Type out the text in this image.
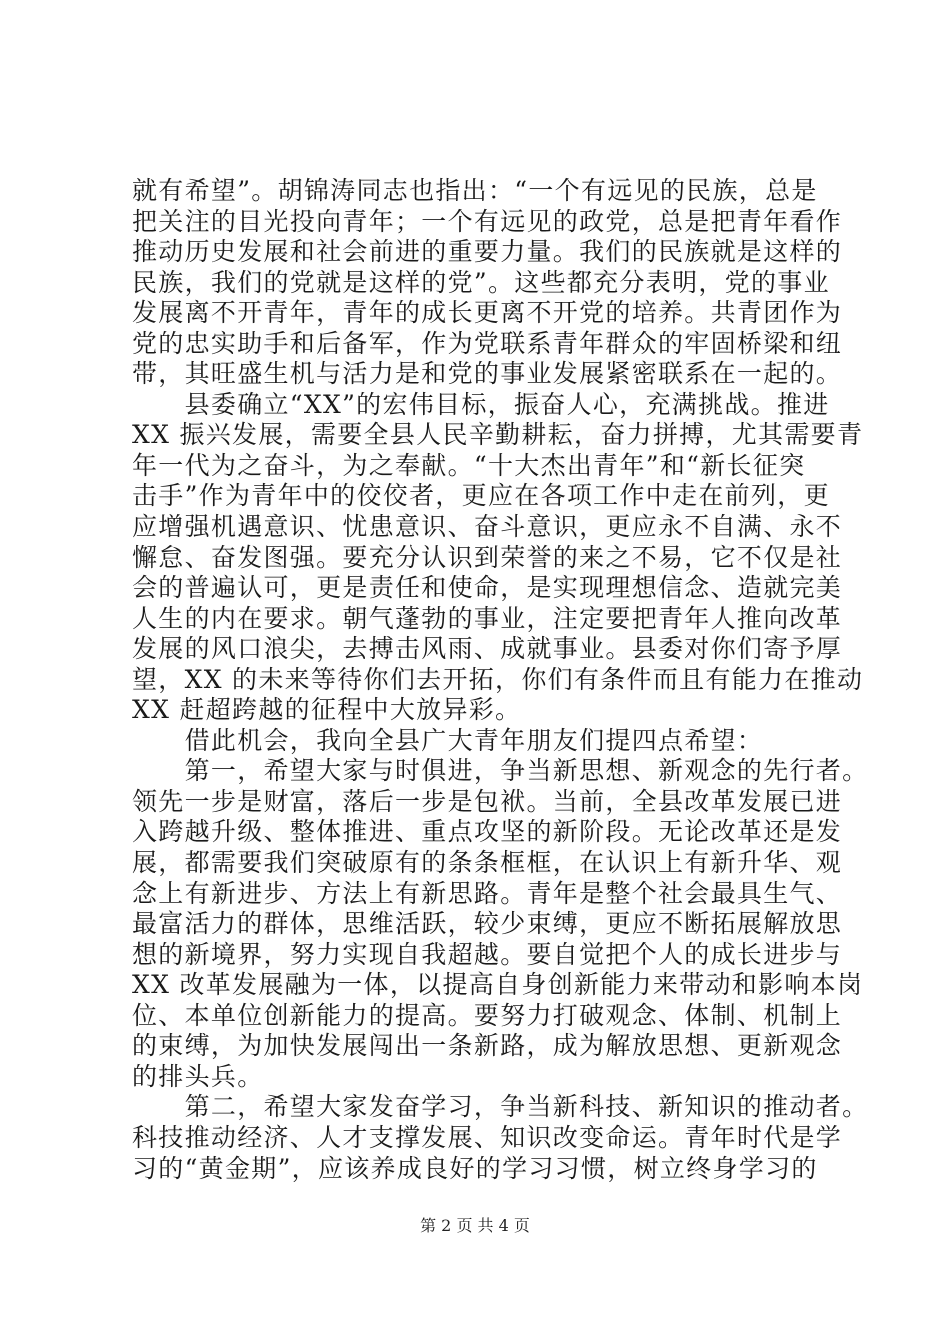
就有希望”。胡锦涛同志也指出：“一个有远见的民族，总是
把关注的目光投向青年；一个有远见的政党，总是把青年看作
推动历史发展和社会前进的重要力量。我们的民族就是这样的
民族，我们的党就是这样的党”。这些都充分表明，党的事业
发展离不开青年，青年的成长更离不开党的培养。共青团作为
党的忠实助手和后备军，作为党联系青年群众的牢固桥梁和纽
带，其旺盛生机与活力是和党的事业发展紧密联系在一起的。
　　县委确立“XX”的宏伟目标，振奋人心，充满挑战。推进
XX 振兴发展，需要全县人民辛勤耕耘，奋力拼搏，尤其需要青
年一代为之奋斗，为之奉献。“十大杰出青年”和“新长征突
击手”作为青年中的佼佼者，更应在各项工作中走在前列，更
应增强机遇意识、忧患意识、奋斗意识，更应永不自满、永不
懈怠、奋发图强。要充分认识到荣誉的来之不易，它不仅是社
会的普遍认可，更是责任和使命，是实现理想信念、造就完美
人生的内在要求。朝气蓬勃的事业，注定要把青年人推向改革
发展的风口浪尖，去搏击风雨、成就事业。县委对你们寄予厚
望，XX 的未来等待你们去开拓，你们有条件而且有能力在推动
XX 赶超跨越的征程中大放异彩。
　　借此机会，我向全县广大青年朋友们提四点希望：
　　第一，希望大家与时俱进，争当新思想、新观念的先行者。
领先一步是财富，落后一步是包袱。当前，全县改革发展已进
入跨越升级、整体推进、重点攻坚的新阶段。无论改革还是发
展，都需要我们突破原有的条条框框，在认识上有新升华、观
念上有新进步、方法上有新思路。青年是整个社会最具生气、
最富活力的群体，思维活跃，较少束缚，更应不断拓展解放思
想的新境界，努力实现自我超越。要自觉把个人的成长进步与
XX 改革发展融为一体，以提高自身创新能力来带动和影响本岗
位、本单位创新能力的提高。要努力打破观念、体制、机制上
的束缚，为加快发展闯出一条新路，成为解放思想、更新观念
的排头兵。
　　第二，希望大家发奋学习，争当新科技、新知识的推动者。
科技推动经济、人才支撑发展、知识改变命运。青年时代是学
习的“黄金期”，应该养成良好的学习习惯，树立终身学习的
第 2 页 共 4 页
